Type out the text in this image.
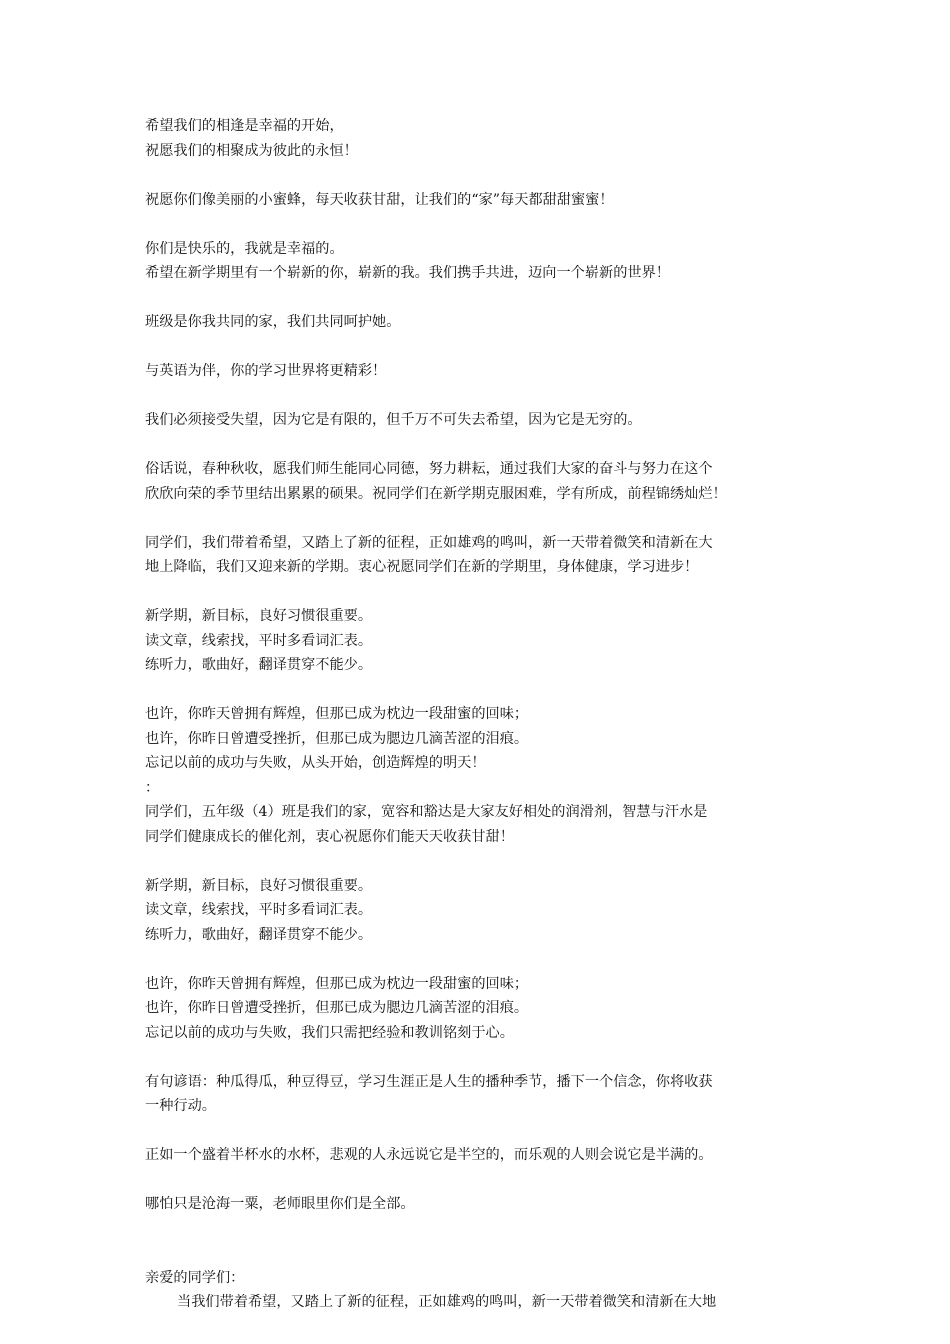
希望我们的相逢是幸福的开始，
祝愿我们的相聚成为彼此的永恒！
祝愿你们像美丽的小蜜蜂，每天收获甘甜，让我们的“家”每天都甜甜蜜蜜！
你们是快乐的，我就是幸福的。
希望在新学期里有一个崭新的你，崭新的我。我们携手共进，迈向一个崭新的世界！
班级是你我共同的家，我们共同呵护她。
与英语为伴，你的学习世界将更精彩！
我们必须接受失望，因为它是有限的，但千万不可失去希望，因为它是无穷的。
俗话说，春种秋收，愿我们师生能同心同德，努力耕耘，通过我们大家的奋斗与努力在这个
欣欣向荣的季节里结出累累的硕果。祝同学们在新学期克服困难，学有所成，前程锦绣灿烂！
同学们，我们带着希望，又踏上了新的征程，正如雄鸡的鸣叫，新一天带着微笑和清新在大
地上降临，我们又迎来新的学期。衷心祝愿同学们在新的学期里，身体健康，学习进步！
新学期，新目标，良好习惯很重要。
读文章，线索找，平时多看词汇表。
练听力，歌曲好，翻译贯穿不能少。
也许，你昨天曾拥有辉煌，但那已成为枕边一段甜蜜的回味；
也许，你昨日曾遭受挫折，但那已成为腮边几滴苦涩的泪痕。
忘记以前的成功与失败，从头开始，创造辉煌的明天！
：
同学们，五年级（4）班是我们的家，宽容和豁达是大家友好相处的润滑剂，智慧与汗水是
同学们健康成长的催化剂，衷心祝愿你们能天天收获甘甜！
新学期，新目标，良好习惯很重要。
读文章，线索找，平时多看词汇表。
练听力，歌曲好，翻译贯穿不能少。
也许，你昨天曾拥有辉煌，但那已成为枕边一段甜蜜的回味；
也许，你昨日曾遭受挫折，但那已成为腮边几滴苦涩的泪痕。
忘记以前的成功与失败，我们只需把经验和教训铭刻于心。
有句谚语：种瓜得瓜，种豆得豆，学习生涯正是人生的播种季节，播下一个信念，你将收获
一种行动。
正如一个盛着半杯水的水杯，悲观的人永远说它是半空的，而乐观的人则会说它是半满的。
哪怕只是沧海一粟，老师眼里你们是全部。
亲爱的同学们：
当我们带着希望，又踏上了新的征程，正如雄鸡的鸣叫，新一天带着微笑和清新在大地
